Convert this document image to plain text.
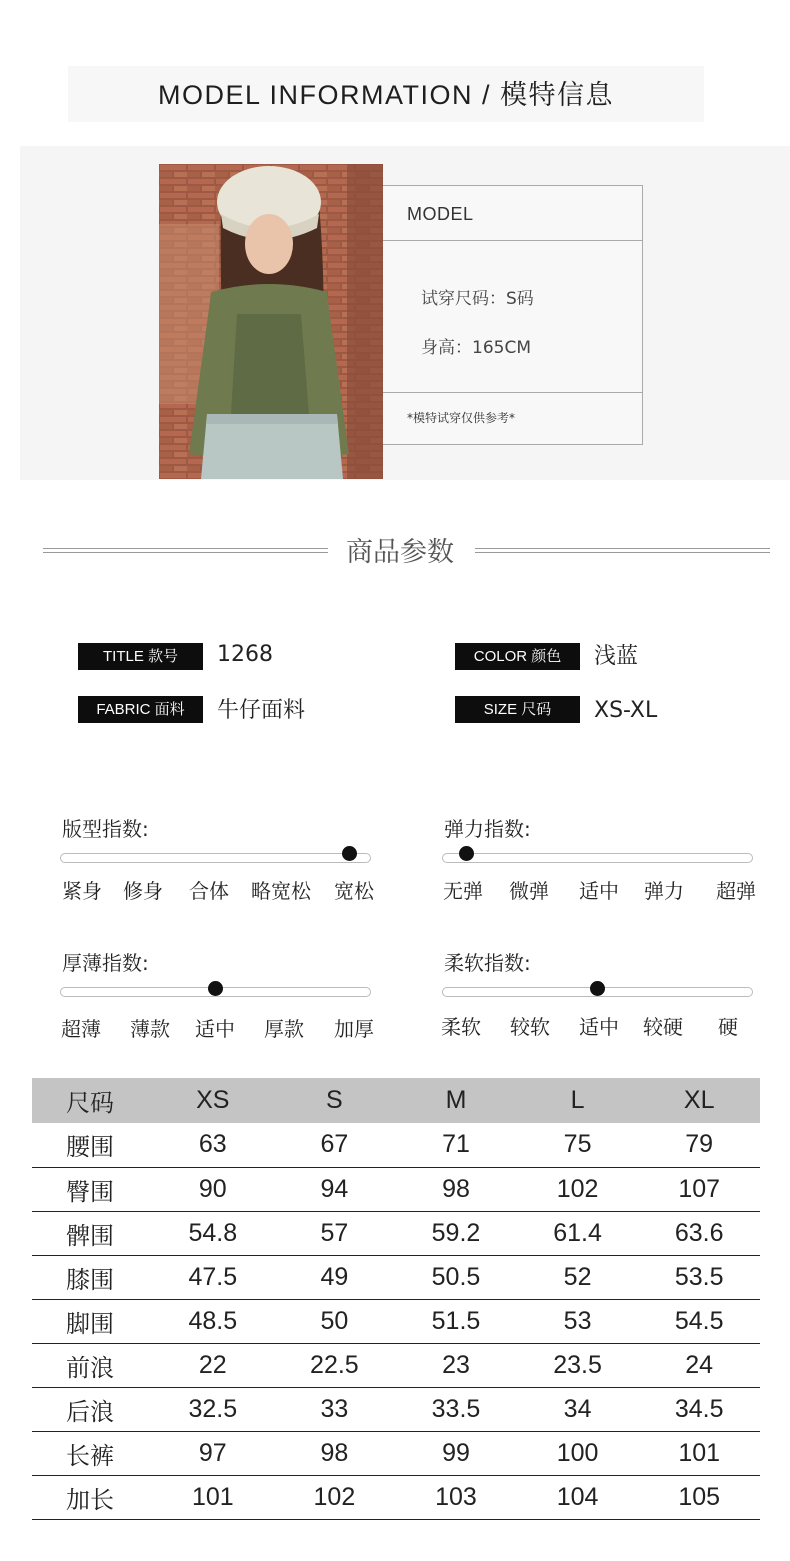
MODEL INFORMATION / 模特信息
MODEL
试穿尺码：S码
身高：165CM
*模特试穿仅供参考*
商品参数
TITLE 款号	1268	COLOR 颜色	浅蓝
FABRIC 面料	牛仔面料	SIZE 尺码	XS-XL
版型指数:
紧身 修身 合体 略宽松 宽松
弹力指数:
无弹 微弹 适中 弹力 超弹
厚薄指数:
超薄 薄款 适中 厚款 加厚
柔软指数:
柔软 较软 适中 较硬 硬
尺码	XS	S	M	L	XL
腰围	63	67	71	75	79
臀围	90	94	98	102	107
髀围	54.8	57	59.2	61.4	63.6
膝围	47.5	49	50.5	52	53.5
脚围	48.5	50	51.5	53	54.5
前浪	22	22.5	23	23.5	24
后浪	32.5	33	33.5	34	34.5
长裤	97	98	99	100	101
加长	101	102	103	104	105
